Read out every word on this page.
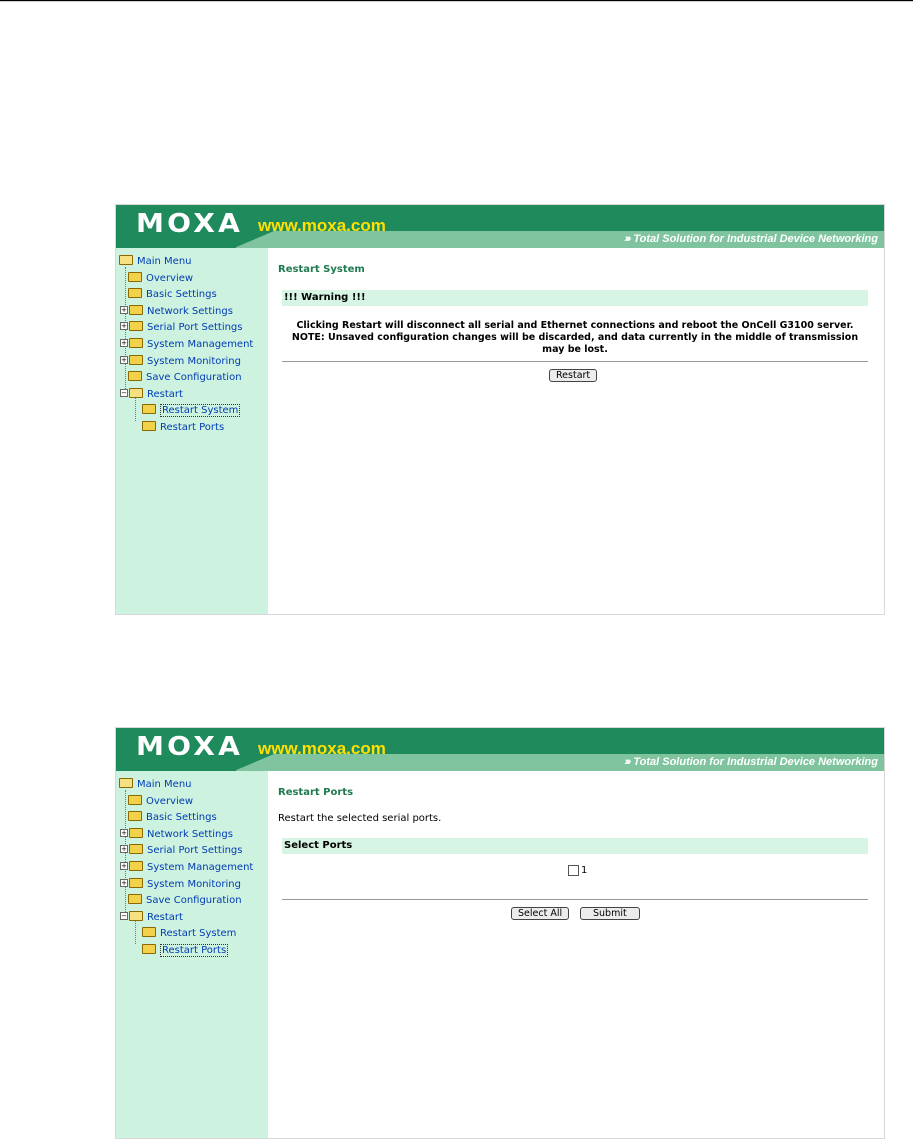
MOXA www.moxa.com
››› Total Solution for Industrial Device Networking
Main Menu
Overview
Basic Settings
+ Network Settings
+ Serial Port Settings
+ System Management
+ System Monitoring
Save Configuration
− Restart
Restart System
Restart Ports
Restart System
!!! Warning !!!
Clicking Restart will disconnect all serial and Ethernet connections and reboot the OnCell G3100 server.
NOTE: Unsaved configuration changes will be discarded, and data currently in the middle of transmission may be lost.
Restart
MOXA www.moxa.com
››› Total Solution for Industrial Device Networking
Main Menu
Overview
Basic Settings
+ Network Settings
+ Serial Port Settings
+ System Management
+ System Monitoring
Save Configuration
− Restart
Restart System
Restart Ports
Restart Ports
Restart the selected serial ports.
Select Ports
1
Select All	Submit
